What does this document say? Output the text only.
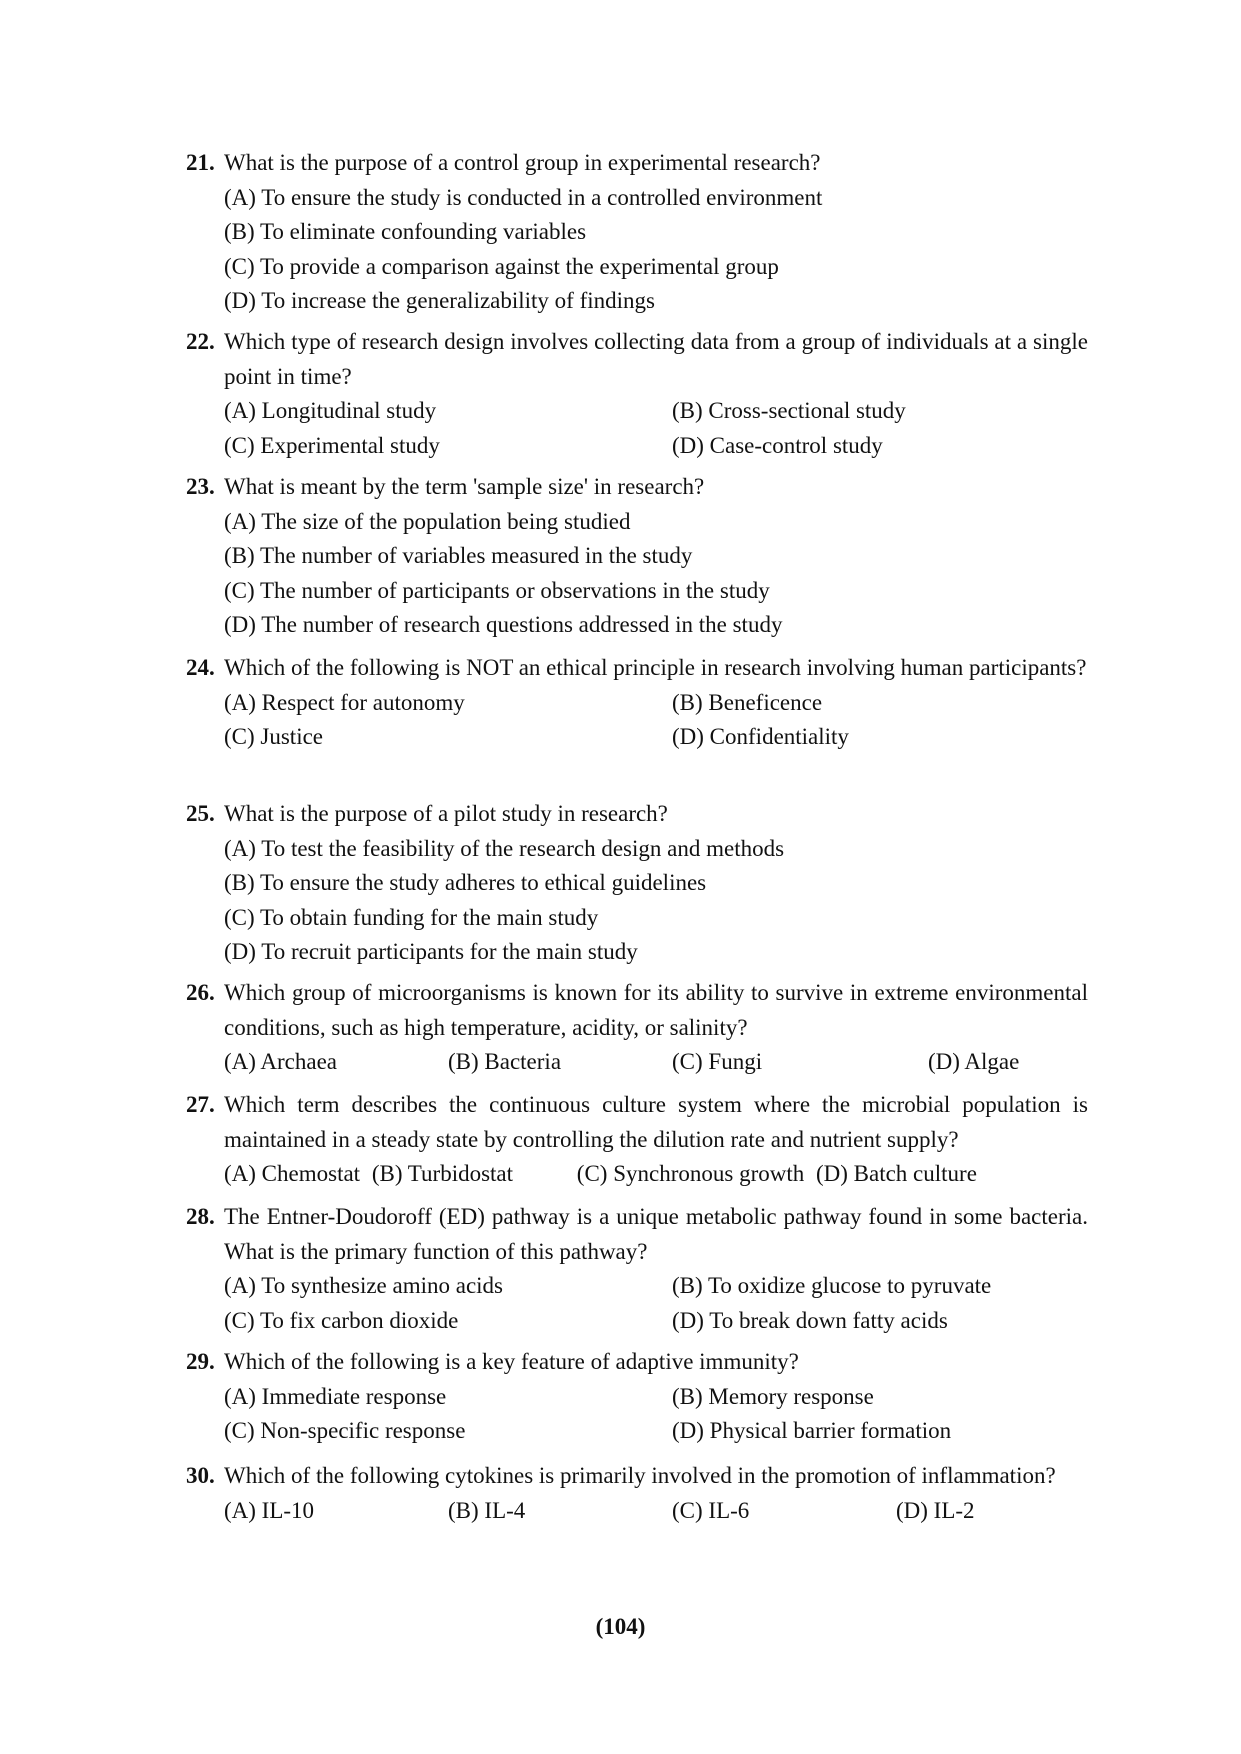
21. What is the purpose of a control group in experimental research?
(A) To ensure the study is conducted in a controlled environment
(B) To eliminate confounding variables
(C) To provide a comparison against the experimental group
(D) To increase the generalizability of findings
22. Which type of research design involves collecting data from a group of individuals at a single point in time?
(A) Longitudinal study	(B) Cross-sectional study
(C) Experimental study	(D) Case-control study
23. What is meant by the term 'sample size' in research?
(A) The size of the population being studied
(B) The number of variables measured in the study
(C) The number of participants or observations in the study
(D) The number of research questions addressed in the study
24. Which of the following is NOT an ethical principle in research involving human participants?
(A) Respect for autonomy	(B) Beneficence
(C) Justice	(D) Confidentiality
25. What is the purpose of a pilot study in research?
(A) To test the feasibility of the research design and methods
(B) To ensure the study adheres to ethical guidelines
(C) To obtain funding for the main study
(D) To recruit participants for the main study
26. Which group of microorganisms is known for its ability to survive in extreme environmental conditions, such as high temperature, acidity, or salinity?
(A) Archaea	(B) Bacteria	(C) Fungi	(D) Algae
27. Which term describes the continuous culture system where the microbial population is maintained in a steady state by controlling the dilution rate and nutrient supply?
(A) Chemostat (B) Turbidostat	(C) Synchronous growth (D) Batch culture
28. The Entner-Doudoroff (ED) pathway is a unique metabolic pathway found in some bacteria. What is the primary function of this pathway?
(A) To synthesize amino acids	(B) To oxidize glucose to pyruvate
(C) To fix carbon dioxide	(D) To break down fatty acids
29. Which of the following is a key feature of adaptive immunity?
(A) Immediate response	(B) Memory response
(C) Non-specific response	(D) Physical barrier formation
30. Which of the following cytokines is primarily involved in the promotion of inflammation?
(A) IL-10	(B) IL-4	(C) IL-6	(D) IL-2
(104)
